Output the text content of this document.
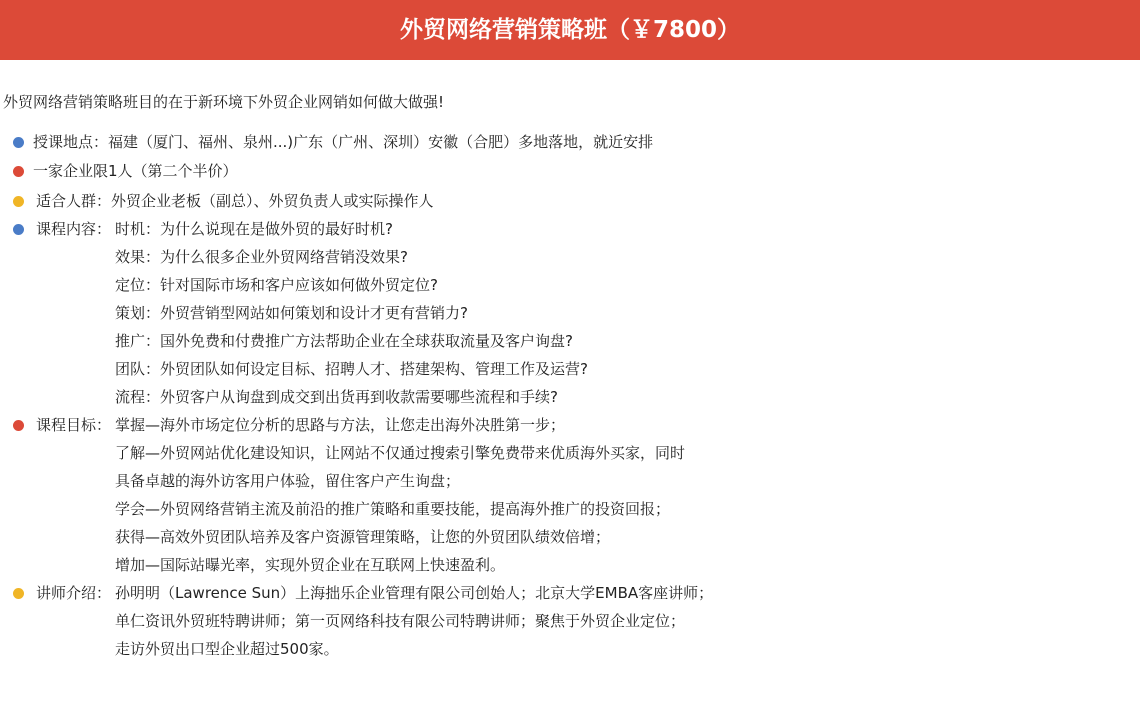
外贸网络营销策略班（￥7800）
外贸网络营销策略班目的在于新环境下外贸企业网销如何做大做强!
授课地点：福建（厦门、福州、泉州...)广东（广州、深圳）安徽（合肥）多地落地，就近安排
一家企业限1人（第二个半价）
适合人群：外贸企业老板（副总）、外贸负责人或实际操作人
课程内容： 时机：为什么说现在是做外贸的最好时机?
效果：为什么很多企业外贸网络营销没效果?
定位：针对国际市场和客户应该如何做外贸定位?
策划：外贸营销型网站如何策划和设计才更有营销力?
推广：国外免费和付费推广方法帮助企业在全球获取流量及客户询盘?
团队：外贸团队如何设定目标、招聘人才、搭建架构、管理工作及运营?
流程：外贸客户从询盘到成交到出货再到收款需要哪些流程和手续?
课程目标： 掌握—海外市场定位分析的思路与方法，让您走出海外决胜第一步；
了解—外贸网站优化建设知识，让网站不仅通过搜索引擎免费带来优质海外买家，同时
具备卓越的海外访客用户体验，留住客户产生询盘；
学会—外贸网络营销主流及前沿的推广策略和重要技能，提高海外推广的投资回报；
获得—高效外贸团队培养及客户资源管理策略，让您的外贸团队绩效倍增；
增加—国际站曝光率，实现外贸企业在互联网上快速盈利。
讲师介绍： 孙明明（Lawrence Sun）上海拙乐企业管理有限公司创始人；北京大学EMBA客座讲师；
单仁资讯外贸班特聘讲师；第一页网络科技有限公司特聘讲师；聚焦于外贸企业定位；
走访外贸出口型企业超过500家。
